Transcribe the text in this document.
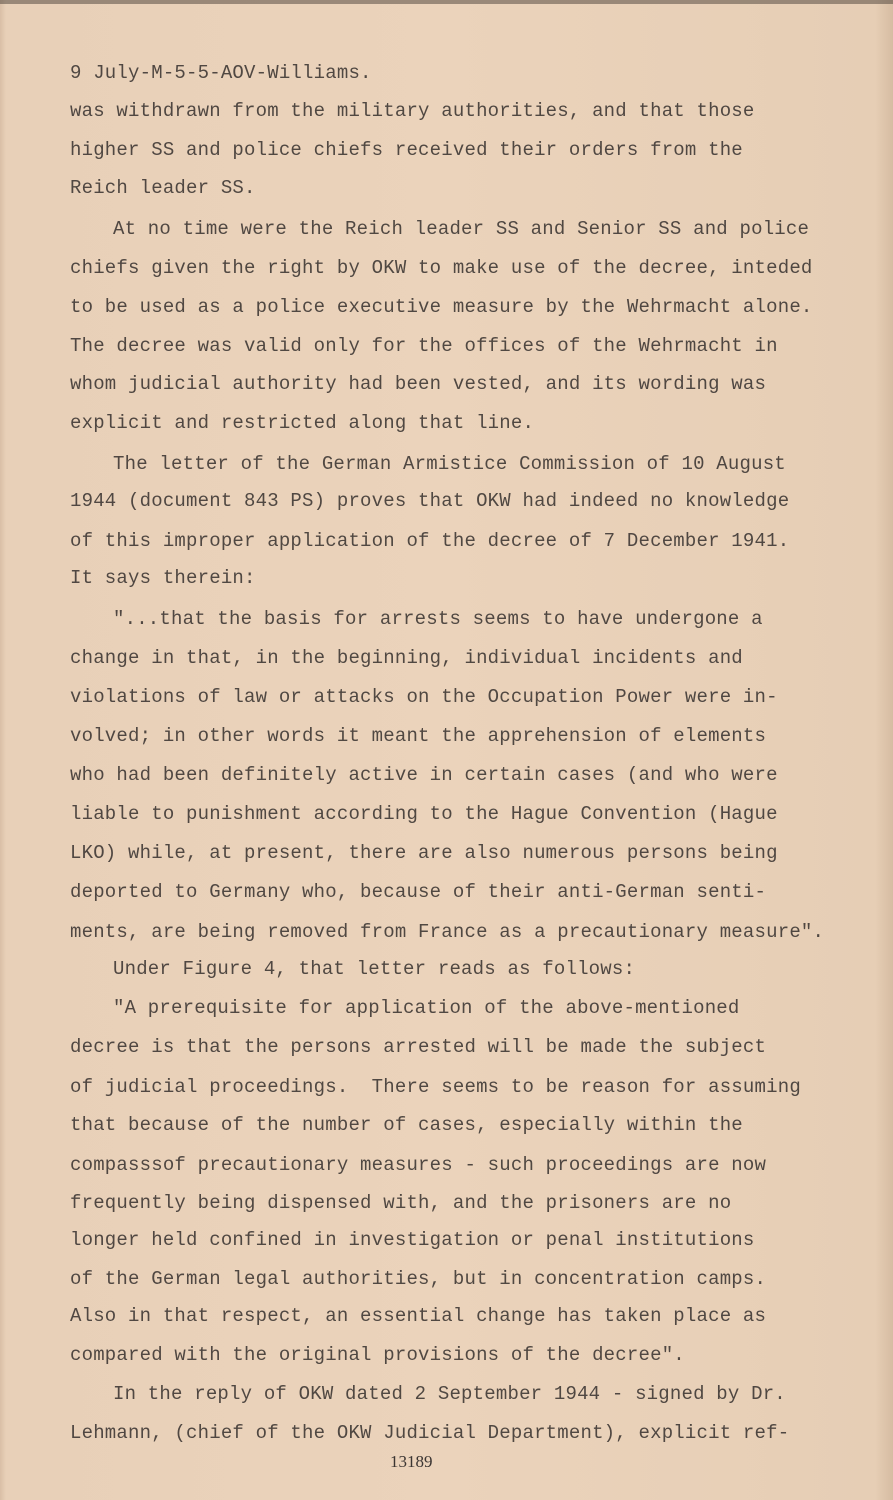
9 July-M-5-5-AOV-Williams.
was withdrawn from the military authorities, and that those
higher SS and police chiefs received their orders from the
Reich leader SS.
At no time were the Reich leader SS and Senior SS and police
chiefs given the right by OKW to make use of the decree, inteded
to be used as a police executive measure by the Wehrmacht alone.
The decree was valid only for the offices of the Wehrmacht in
whom judicial authority had been vested, and its wording was
explicit and restricted along that line.
The letter of the German Armistice Commission of 10 August
1944 (document 843 PS) proves that OKW had indeed no knowledge
of this improper application of the decree of 7 December 1941.
It says therein:
"...that the basis for arrests seems to have undergone a
change in that, in the beginning, individual incidents and
violations of law or attacks on the Occupation Power were in-
volved; in other words it meant the apprehension of elements
who had been definitely active in certain cases (and who were
liable to punishment according to the Hague Convention (Hague
LKO) while, at present, there are also numerous persons being
deported to Germany who, because of their anti-German senti-
ments, are being removed from France as a precautionary measure".
Under Figure 4, that letter reads as follows:
"A prerequisite for application of the above-mentioned
decree is that the persons arrested will be made the subject
of judicial proceedings.  There seems to be reason for assuming
that because of the number of cases, especially within the
compasssof precautionary measures - such proceedings are now
frequently being dispensed with, and the prisoners are no
longer held confined in investigation or penal institutions
of the German legal authorities, but in concentration camps.
Also in that respect, an essential change has taken place as
compared with the original provisions of the decree".
In the reply of OKW dated 2 September 1944 - signed by Dr.
Lehmann, (chief of the OKW Judicial Department), explicit ref-
13189
